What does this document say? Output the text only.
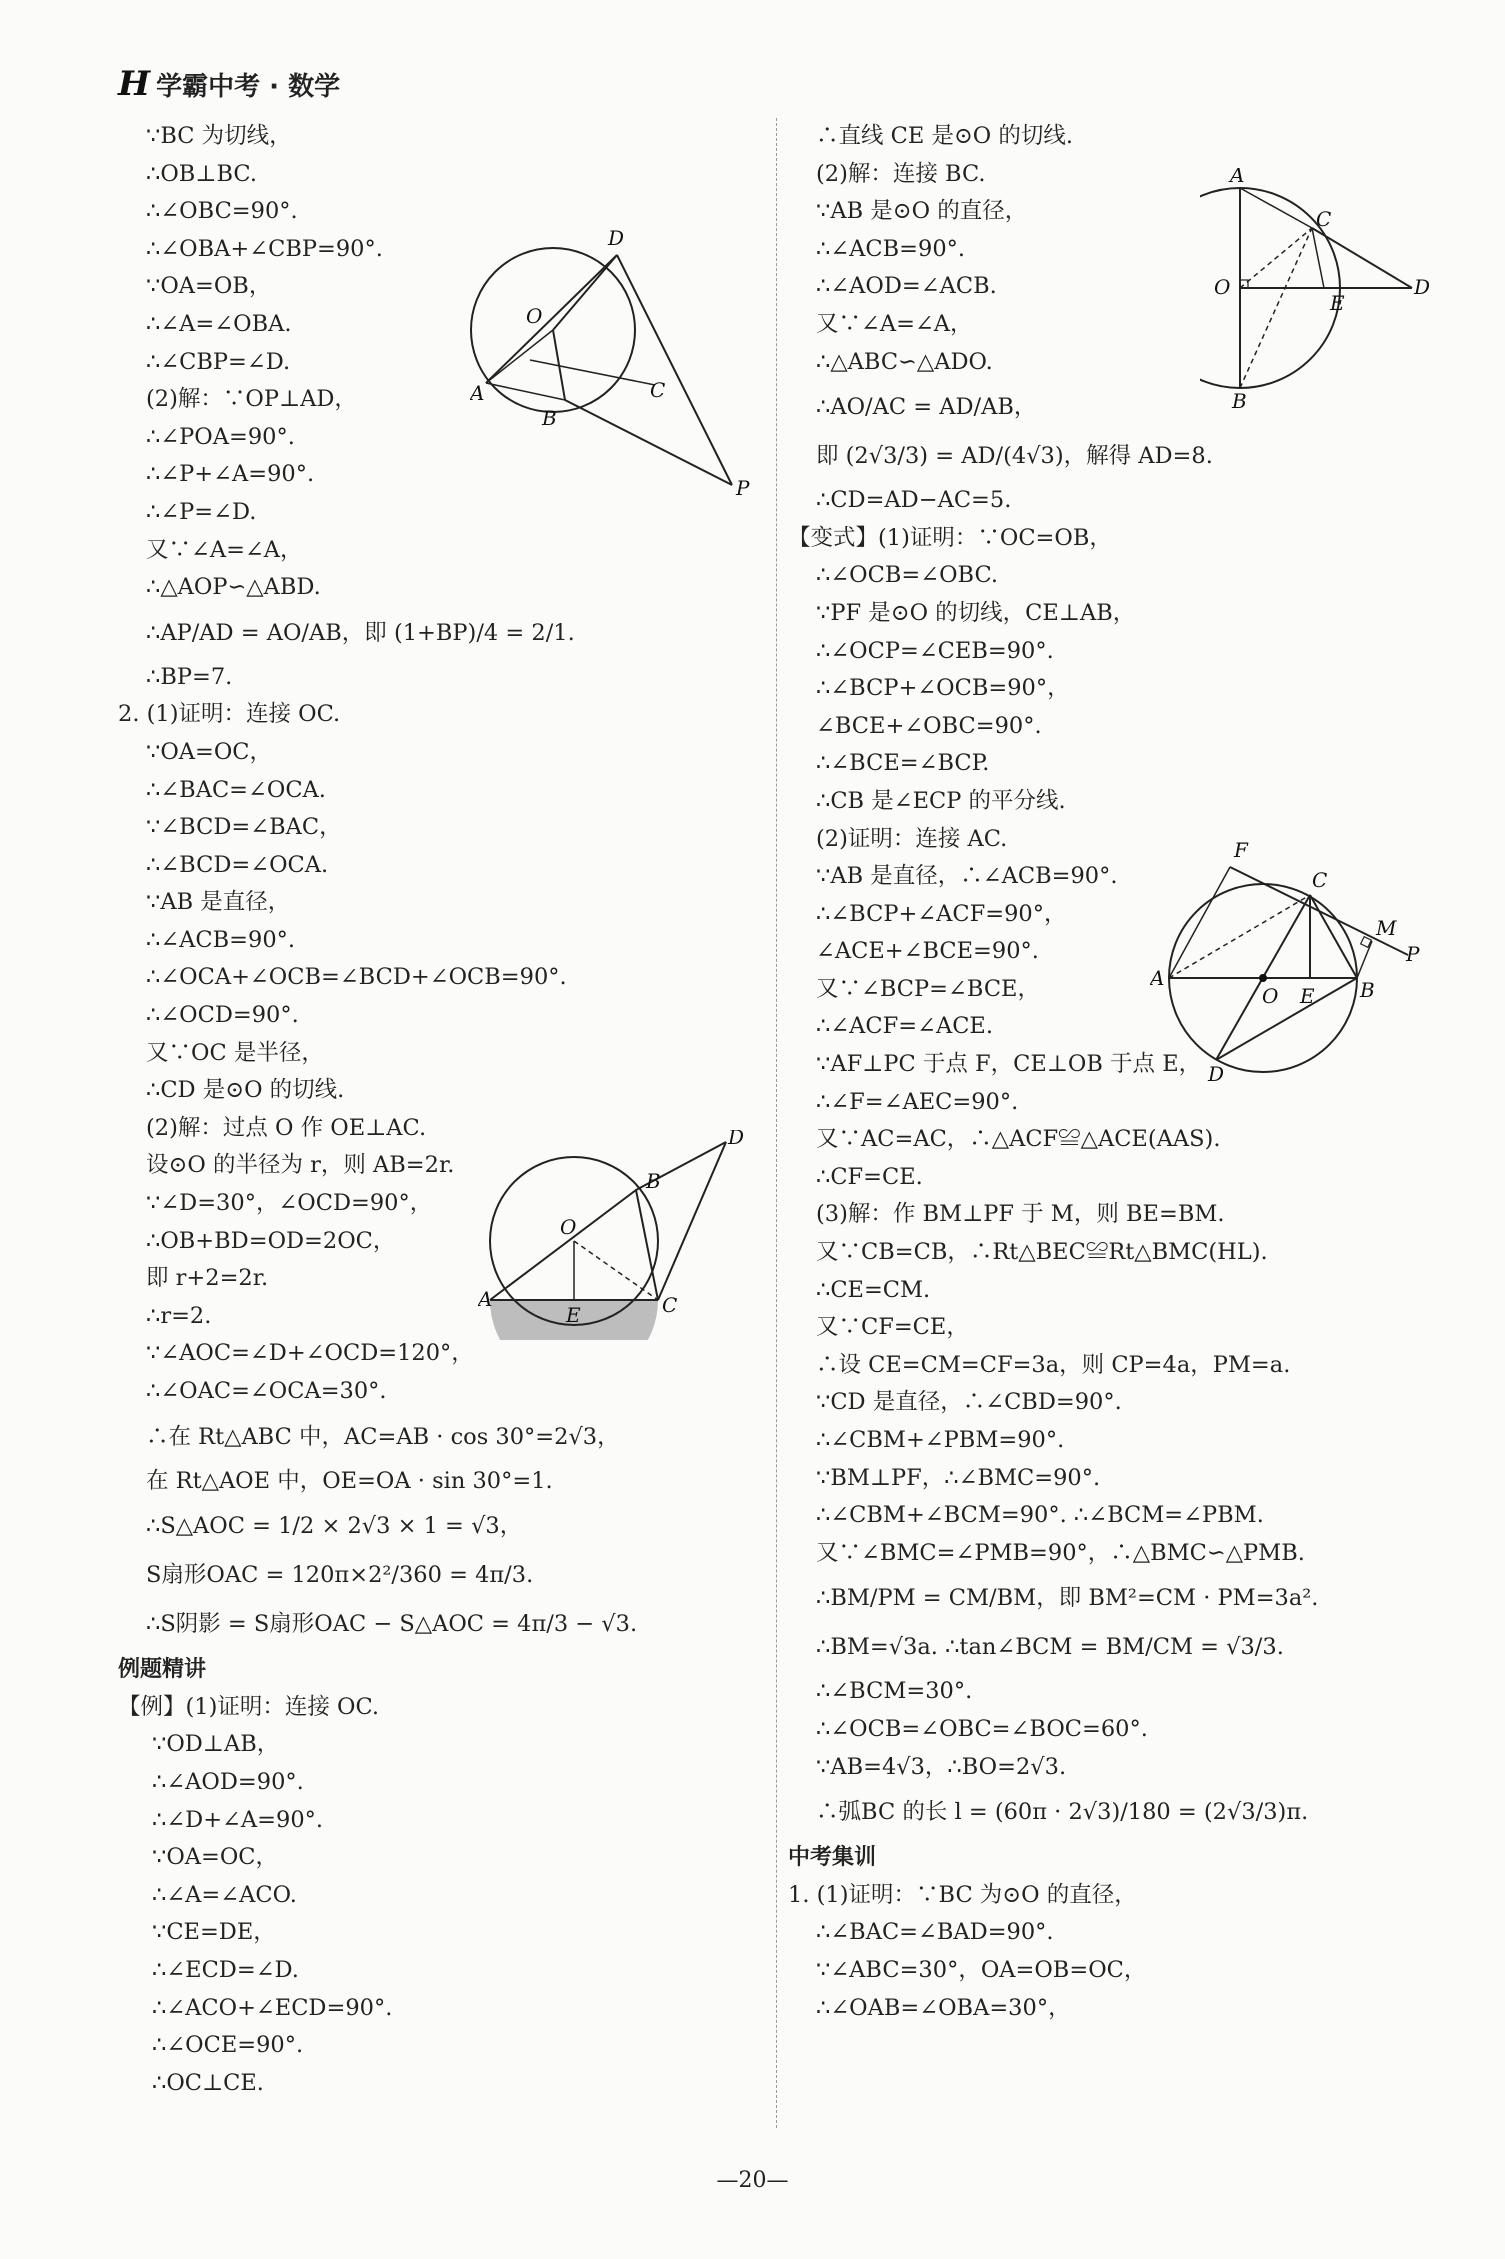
H 学霸中考 · 数学
∵BC 为切线，
∴OB⊥BC.
∴∠OBC=90°.
∴∠OBA+∠CBP=90°.
∵OA=OB，
∴∠A=∠OBA.
∴∠CBP=∠D.
(2)解：∵OP⊥AD，
∴∠POA=90°.
∴∠P+∠A=90°.
∴∠P=∠D.
又∵∠A=∠A，
∴△AOP∽△ABD.
∴AP/AD = AO/AB，即 (1+BP)/4 = 2/1.
∴BP=7.
2. (1)证明：连接 OC.
∵OA=OC，
∴∠BAC=∠OCA.
∵∠BCD=∠BAC，
∴∠BCD=∠OCA.
∵AB 是直径，
∴∠ACB=90°.
∴∠OCA+∠OCB=∠BCD+∠OCB=90°.
∴∠OCD=90°.
又∵OC 是半径，
∴CD 是⊙O 的切线.
(2)解：过点 O 作 OE⊥AC.
设⊙O 的半径为 r，则 AB=2r.
∵∠D=30°，∠OCD=90°，
∴OB+BD=OD=2OC，
即 r+2=2r.
∴r=2.
∵∠AOC=∠D+∠OCD=120°，
∴∠OAC=∠OCA=30°.
∴在 Rt△ABC 中，AC=AB · cos 30°=2√3，
在 Rt△AOE 中，OE=OA · sin 30°=1.
∴S△AOC = 1/2 × 2√3 × 1 = √3，
S扇形OAC = 120π×2²/360 = 4π/3.
∴S阴影 = S扇形OAC − S△AOC = 4π/3 − √3.
例题精讲
【例】(1)证明：连接 OC.
∵OD⊥AB，
∴∠AOD=90°.
∴∠D+∠A=90°.
∵OA=OC，
∴∠A=∠ACO.
∵CE=DE，
∴∠ECD=∠D.
∴∠ACO+∠ECD=90°.
∴∠OCE=90°.
∴OC⊥CE.
∴直线 CE 是⊙O 的切线.
(2)解：连接 BC.
∵AB 是⊙O 的直径，
∴∠ACB=90°.
∴∠AOD=∠ACB.
又∵∠A=∠A，
∴△ABC∽△ADO.
∴AO/AC = AD/AB，
即 (2√3/3) = AD/(4√3)，解得 AD=8.
∴CD=AD−AC=5.
【变式】(1)证明：∵OC=OB，
∴∠OCB=∠OBC.
∵PF 是⊙O 的切线，CE⊥AB，
∴∠OCP=∠CEB=90°.
∴∠BCP+∠OCB=90°，
∠BCE+∠OBC=90°.
∴∠BCE=∠BCP.
∴CB 是∠ECP 的平分线.
(2)证明：连接 AC.
∵AB 是直径，∴∠ACB=90°.
∴∠BCP+∠ACF=90°，
∠ACE+∠BCE=90°.
又∵∠BCP=∠BCE，
∴∠ACF=∠ACE.
∵AF⊥PC 于点 F，CE⊥OB 于点 E，
∴∠F=∠AEC=90°.
又∵AC=AC，∴△ACF≌△ACE(AAS).
∴CF=CE.
(3)解：作 BM⊥PF 于 M，则 BE=BM.
又∵CB=CB，∴Rt△BEC≌Rt△BMC(HL).
∴CE=CM.
又∵CF=CE，
∴设 CE=CM=CF=3a，则 CP=4a，PM=a.
∵CD 是直径，∴∠CBD=90°.
∴∠CBM+∠PBM=90°.
∵BM⊥PF，∴∠BMC=90°.
∴∠CBM+∠BCM=90°. ∴∠BCM=∠PBM.
又∵∠BMC=∠PMB=90°，∴△BMC∽△PMB.
∴BM/PM = CM/BM，即 BM²=CM · PM=3a².
∴BM=√3a. ∴tan∠BCM = BM/CM = √3/3.
∴∠BCM=30°.
∴∠OCB=∠OBC=∠BOC=60°.
∵AB=4√3，∴BO=2√3.
∴弧BC 的长 l = (60π · 2√3)/180 = (2√3/3)π.
中考集训
1. (1)证明：∵BC 为⊙O 的直径，
∴∠BAC=∠BAD=90°.
∵∠ABC=30°，OA=OB=OC，
∴∠OAB=∠OBA=30°，
D
O
A
B
C
P
D
B
O
A
E	C
A
C
O
E
D
B
F
C
M
P
A
O E B
D
—20—
